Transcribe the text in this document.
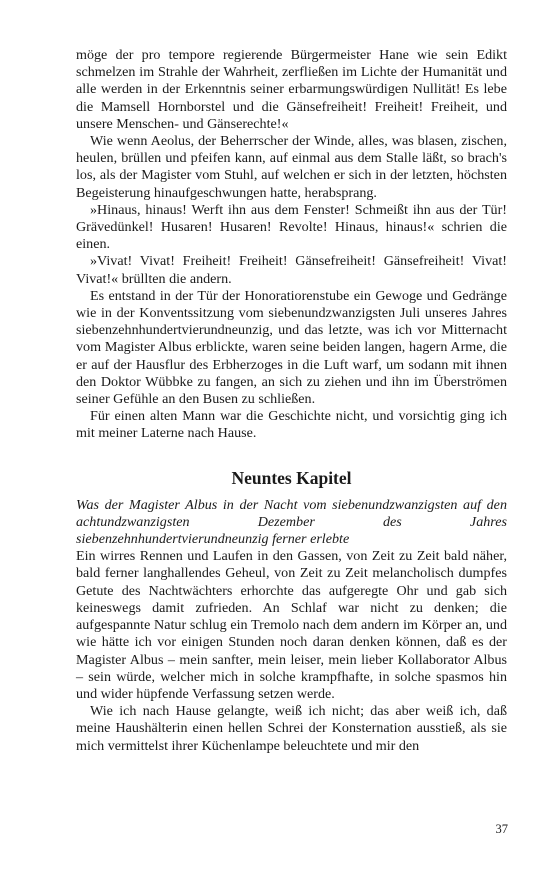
möge der pro tempore regierende Bürgermeister Hane wie sein Edikt schmelzen im Strahle der Wahrheit, zerfließen im Lichte der Humanität und alle werden in der Erkenntnis seiner erbarmungswürdigen Nullität! Es lebe die Mamsell Hornborstel und die Gänsefreiheit! Freiheit! Freiheit, und unsere Menschen- und Gänserechte!«

Wie wenn Aeolus, der Beherrscher der Winde, alles, was blasen, zischen, heulen, brüllen und pfeifen kann, auf einmal aus dem Stalle läßt, so brach's los, als der Magister vom Stuhl, auf welchen er sich in der letzten, höchsten Begeisterung hinaufgeschwungen hatte, herabsprang.

»Hinaus, hinaus! Werft ihn aus dem Fenster! Schmeißt ihn aus der Tür! Grävedünkel! Husaren! Husaren! Revolte! Hinaus, hinaus!« schrien die einen.

»Vivat! Vivat! Freiheit! Freiheit! Gänsefreiheit! Gänsefreiheit! Vivat! Vivat!« brüllten die andern.

Es entstand in der Tür der Honoratiorenstube ein Gewoge und Gedränge wie in der Konventssitzung vom siebenundzwanzigsten Juli unseres Jahres siebenzehnhundertvierundneunzig, und das letzte, was ich vor Mitternacht vom Magister Albus erblickte, waren seine beiden langen, hagern Arme, die er auf der Hausflur des Erbherzoges in die Luft warf, um sodann mit ihnen den Doktor Wübbke zu fangen, an sich zu ziehen und ihn im Überströmen seiner Gefühle an den Busen zu schließen.

Für einen alten Mann war die Geschichte nicht, und vorsichtig ging ich mit meiner Laterne nach Hause.

Neuntes Kapitel

Was der Magister Albus in der Nacht vom siebenundzwanzigsten auf den achtundzwanzigsten Dezember des Jahres siebenzehnhundertvierundneunzig ferner erlebte

Ein wirres Rennen und Laufen in den Gassen, von Zeit zu Zeit bald näher, bald ferner langhallendes Geheul, von Zeit zu Zeit melancholisch dumpfes Getute des Nachtwächters erhorchte das aufgeregte Ohr und gab sich keineswegs damit zufrieden. An Schlaf war nicht zu denken; die aufgespannte Natur schlug ein Tremolo nach dem andern im Körper an, und wie hätte ich vor einigen Stunden noch daran denken können, daß es der Magister Albus – mein sanfter, mein leiser, mein lieber Kollaborator Albus – sein würde, welcher mich in solche krampfhafte, in solche spasmos hin und wider hüpfende Verfassung setzen werde.

Wie ich nach Hause gelangte, weiß ich nicht; das aber weiß ich, daß meine Haushälterin einen hellen Schrei der Konsternation ausstieß, als sie mich vermittelst ihrer Küchenlampe beleuchtete und mir den

37
